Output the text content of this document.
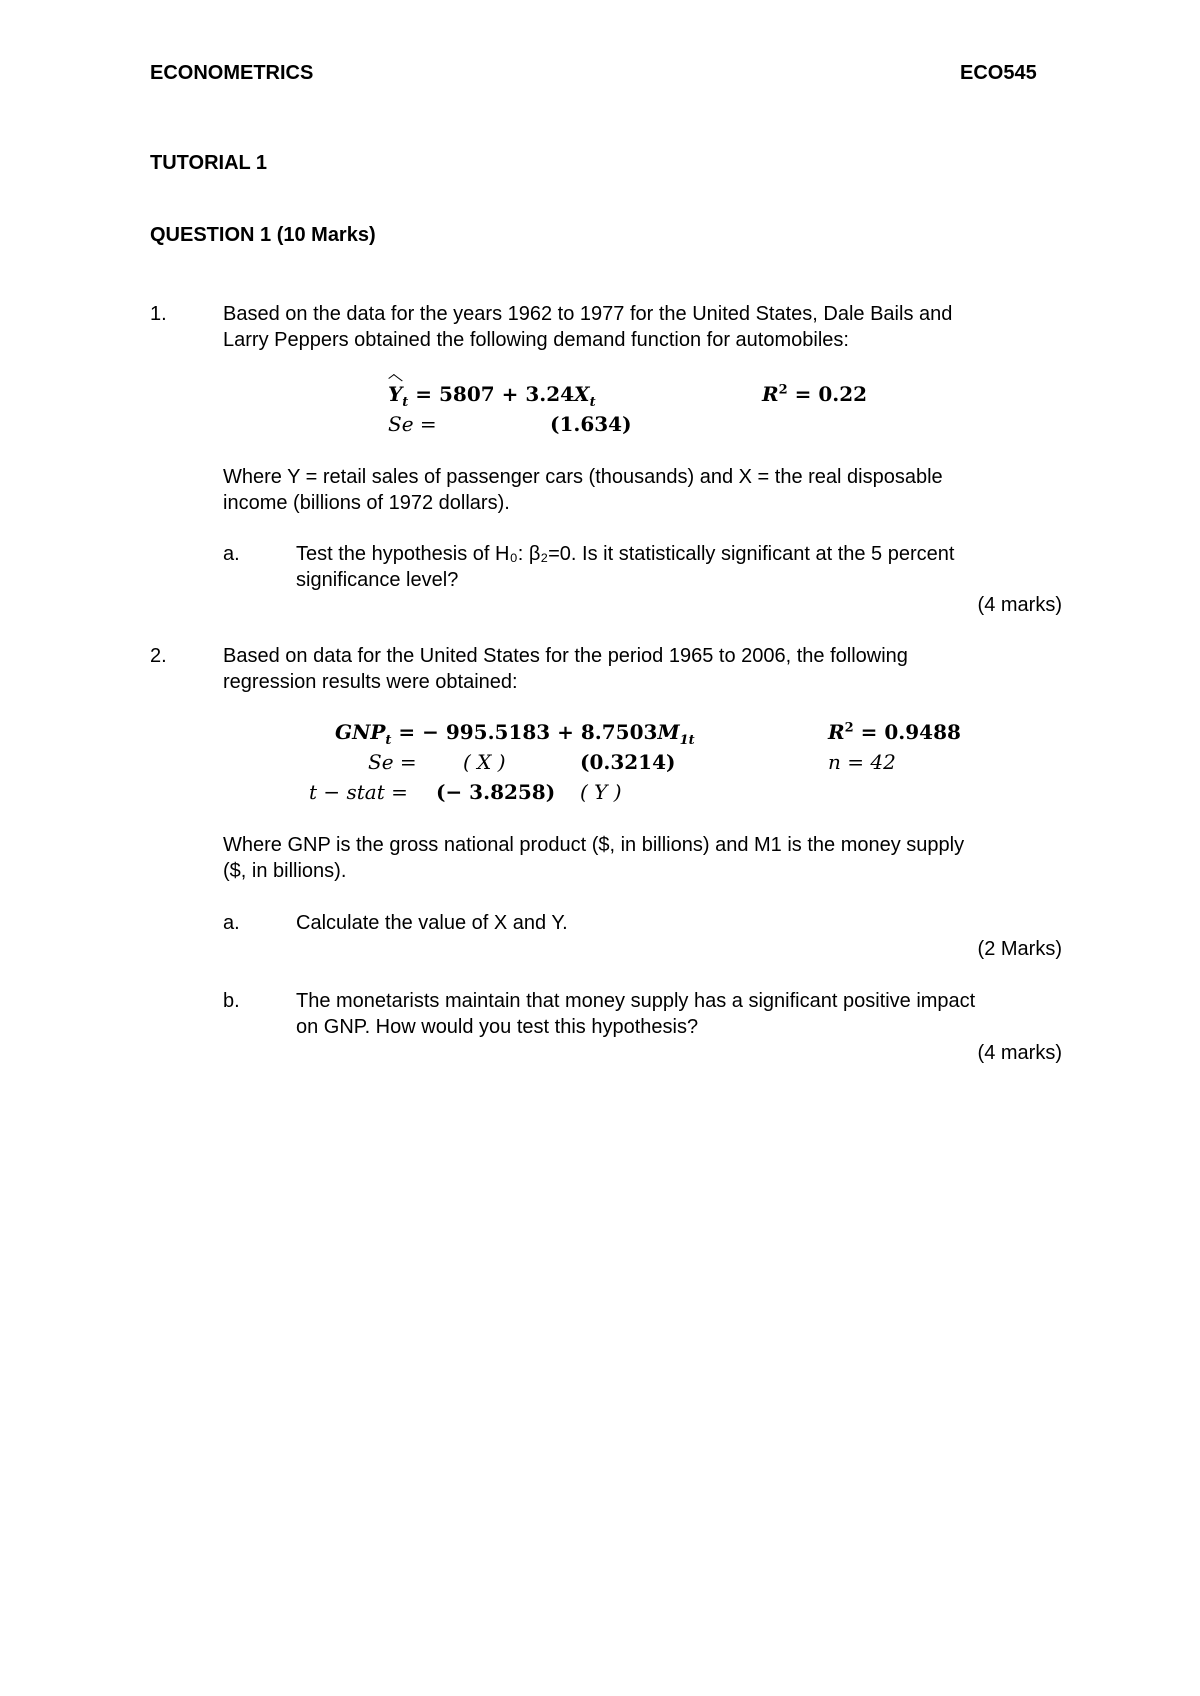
ECONOMETRICS	ECO545
TUTORIAL 1
QUESTION 1 (10 Marks)
1.	Based on the data for the years 1962 to 1977 for the United States, Dale Bails and
Larry Peppers obtained the following demand function for automobiles:
$Y_t = 5807 + 3.24X_t$	$R^2 = 0.22$
Se =	(1.634)
Where Y = retail sales of passenger cars (thousands) and X = the real disposable
income (billions of 1972 dollars).
a.	Test the hypothesis of H₀: β₂=0. Is it statistically significant at the 5 percent
significance level?
(4 marks)
2.	Based on data for the United States for the period 1965 to 2006, the following
regression results were obtained:
$GNP_t$ = − $995.5183 + 8.7503M_{1t}$	$R^2 = 0.9488$
Se = ( X )	(0.3214)	n = 42
t − stat = (− 3.8258) ( Y )
Where GNP is the gross national product ($, in billions) and M1 is the money supply
($, in billions).
a.	Calculate the value of X and Y.
(2 Marks)
b.	The monetarists maintain that money supply has a significant positive impact
on GNP. How would you test this hypothesis?
(4 marks)
